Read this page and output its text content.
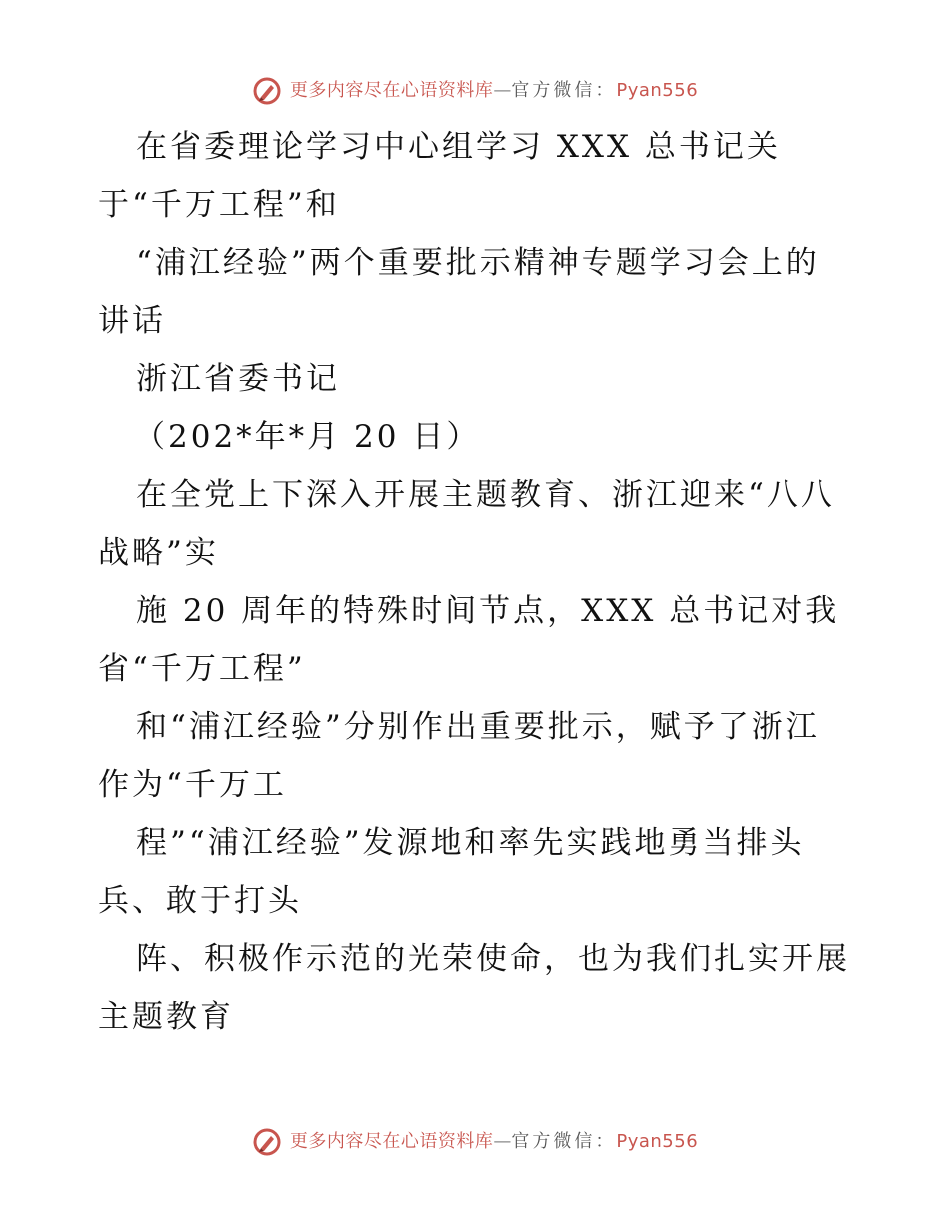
更多内容尽在心语资料库 — 官方微信： Pyan556
在省委理论学习中心组学习 XXX 总书记关
于“千万工程”和
“浦江经验”两个重要批示精神专题学习会上的
讲话
浙江省委书记
（202*年*月 20 日）
在全党上下深入开展主题教育、浙江迎来“八八
战略”实
施 20 周年的特殊时间节点，XXX 总书记对我
省“千万工程”
和“浦江经验”分别作出重要批示，赋予了浙江
作为“千万工
程”“浦江经验”发源地和率先实践地勇当排头
兵、敢于打头
阵、积极作示范的光荣使命，也为我们扎实开展
主题教育
更多内容尽在心语资料库 — 官方微信： Pyan556
